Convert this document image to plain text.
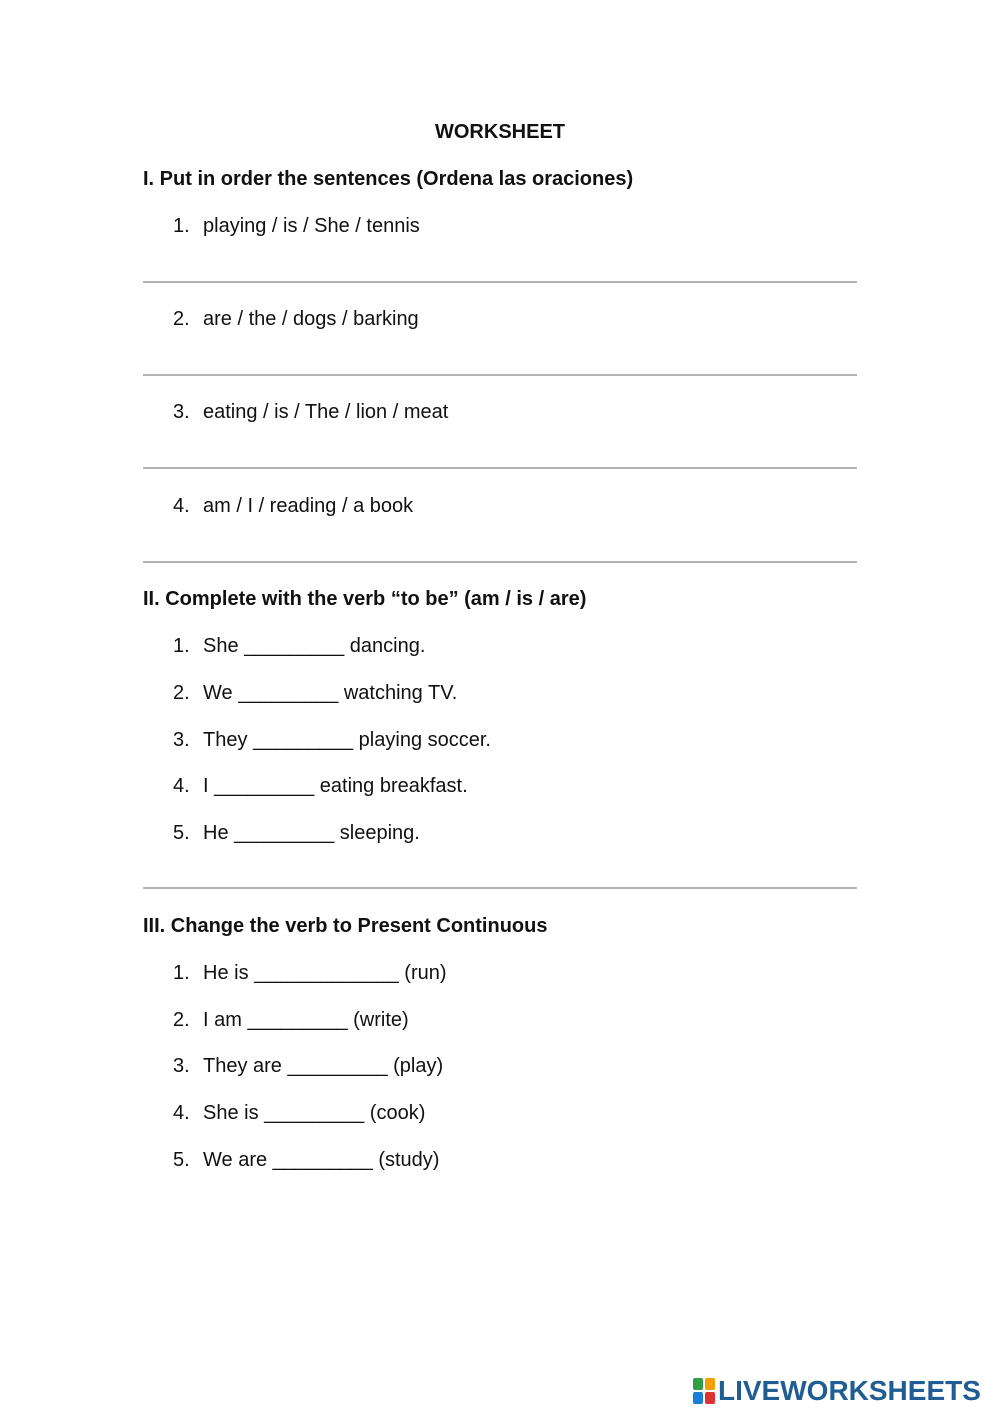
WORKSHEET
I. Put in order the sentences (Ordena las oraciones)
1. playing / is / She / tennis
2. are / the / dogs / barking
3. eating / is / The / lion / meat
4. am / I / reading / a book
II. Complete with the verb “to be” (am / is / are)
1. She _________ dancing.
2. We _________ watching TV.
3. They _________ playing soccer.
4. I _________ eating breakfast.
5. He _________ sleeping.
III. Change the verb to Present Continuous
1. He is _____________ (run)
2. I am _________ (write)
3. They are _________ (play)
4. She is _________ (cook)
5. We are _________ (study)
LIVEWORKSHEETS
